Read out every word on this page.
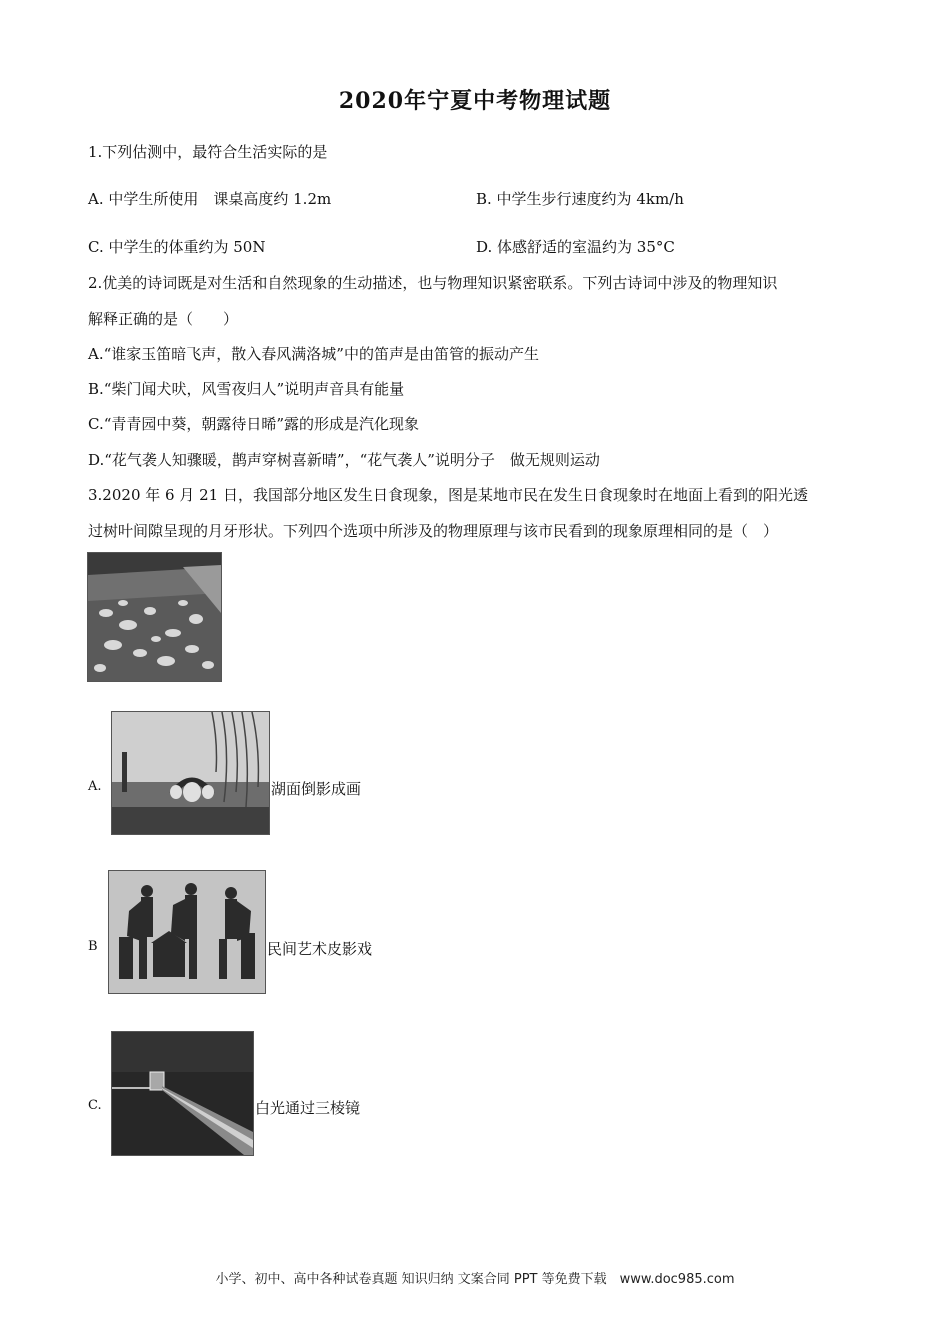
2020年宁夏中考物理试题
1.下列估测中，最符合生活实际的是
A. 中学生所使用　课桌高度约 1.2m	B. 中学生步行速度约为 4km/h
C. 中学生的体重约为 50N	D. 体感舒适的室温约为 35°C
2.优美的诗词既是对生活和自然现象的生动描述，也与物理知识紧密联系。下列古诗词中涉及的物理知识
解释正确的是（　　）
A.“谁家玉笛暗飞声，散入春风满洛城”中的笛声是由笛管的振动产生
B.“柴门闻犬吠，风雪夜归人”说明声音具有能量
C.“青青园中葵，朝露待日晞”露的形成是汽化现象
D.“花气袭人知骤暖，鹊声穿树喜新晴”，“花气袭人”说明分子　做无规则运动
3.2020 年 6 月 21 日，我国部分地区发生日食现象，图是某地市民在发生日食现象时在地面上看到的阳光透
过树叶间隙呈现的月牙形状。下列四个选项中所涉及的物理原理与该市民看到的现象原理相同的是（　）
A.	湖面倒影成画
B	民间艺术皮影戏
C.	白光通过三棱镜
小学、初中、高中各种试卷真题 知识归纳 文案合同 PPT 等免费下载　www.doc985.com
